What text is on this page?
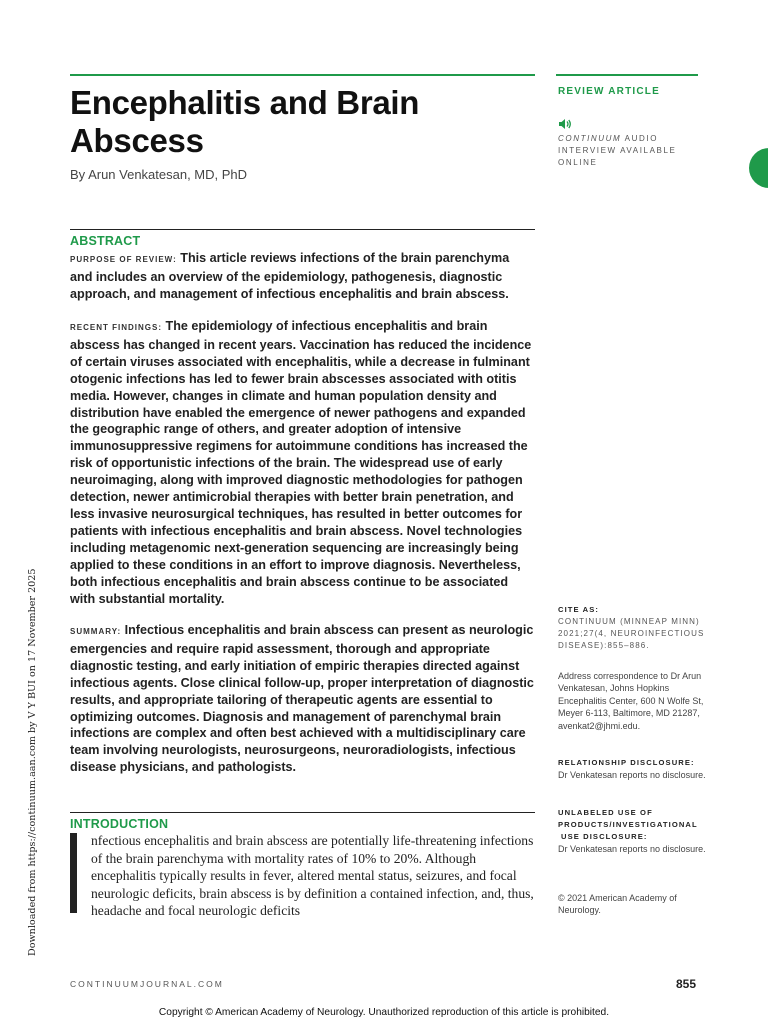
Encephalitis and Brain Abscess
By Arun Venkatesan, MD, PhD
REVIEW ARTICLE
CONTINUUM AUDIO
INTERVIEW AVAILABLE
ONLINE
ABSTRACT
PURPOSE OF REVIEW: This article reviews infections of the brain parenchyma and includes an overview of the epidemiology, pathogenesis, diagnostic approach, and management of infectious encephalitis and brain abscess.
RECENT FINDINGS: The epidemiology of infectious encephalitis and brain abscess has changed in recent years. Vaccination has reduced the incidence of certain viruses associated with encephalitis, while a decrease in fulminant otogenic infections has led to fewer brain abscesses associated with otitis media. However, changes in climate and human population density and distribution have enabled the emergence of newer pathogens and expanded the geographic range of others, and greater adoption of intensive immunosuppressive regimens for autoimmune conditions has increased the risk of opportunistic infections of the brain. The widespread use of early neuroimaging, along with improved diagnostic methodologies for pathogen detection, newer antimicrobial therapies with better brain penetration, and less invasive neurosurgical techniques, has resulted in better outcomes for patients with infectious encephalitis and brain abscess. Novel technologies including metagenomic next-generation sequencing are increasingly being applied to these conditions in an effort to improve diagnosis. Nevertheless, both infectious encephalitis and brain abscess continue to be associated with substantial mortality.
SUMMARY: Infectious encephalitis and brain abscess can present as neurologic emergencies and require rapid assessment, thorough and appropriate diagnostic testing, and early initiation of empiric therapies directed against infectious agents. Close clinical follow-up, proper interpretation of diagnostic results, and appropriate tailoring of therapeutic agents are essential to optimizing outcomes. Diagnosis and management of parenchymal brain infections are complex and often best achieved with a multidisciplinary care team involving neurologists, neurosurgeons, neuroradiologists, infectious disease physicians, and pathologists.
CITE AS:
CONTINUUM (MINNEAP MINN) 2021;27(4, NEUROINFECTIOUS DISEASE):855–886.
Address correspondence to Dr Arun Venkatesan, Johns Hopkins Encephalitis Center, 600 N Wolfe St, Meyer 6-113, Baltimore, MD 21287, avenkat2@jhmi.edu.
RELATIONSHIP DISCLOSURE:
Dr Venkatesan reports no disclosure.
UNLABELED USE OF
PRODUCTS/INVESTIGATIONAL
USE DISCLOSURE:
Dr Venkatesan reports no disclosure.
© 2021 American Academy of Neurology.
INTRODUCTION
nfectious encephalitis and brain abscess are potentially life-threatening infections of the brain parenchyma with mortality rates of 10% to 20%. Although encephalitis typically results in fever, altered mental status, seizures, and focal neurologic deficits, brain abscess is by definition a contained infection, and, thus, headache and focal neurologic deficits
Downloaded from https://continuum.aan.com by V Y BUI on 17 November 2025
CONTINUUMJOURNAL.COM	855
Copyright © American Academy of Neurology. Unauthorized reproduction of this article is prohibited.
